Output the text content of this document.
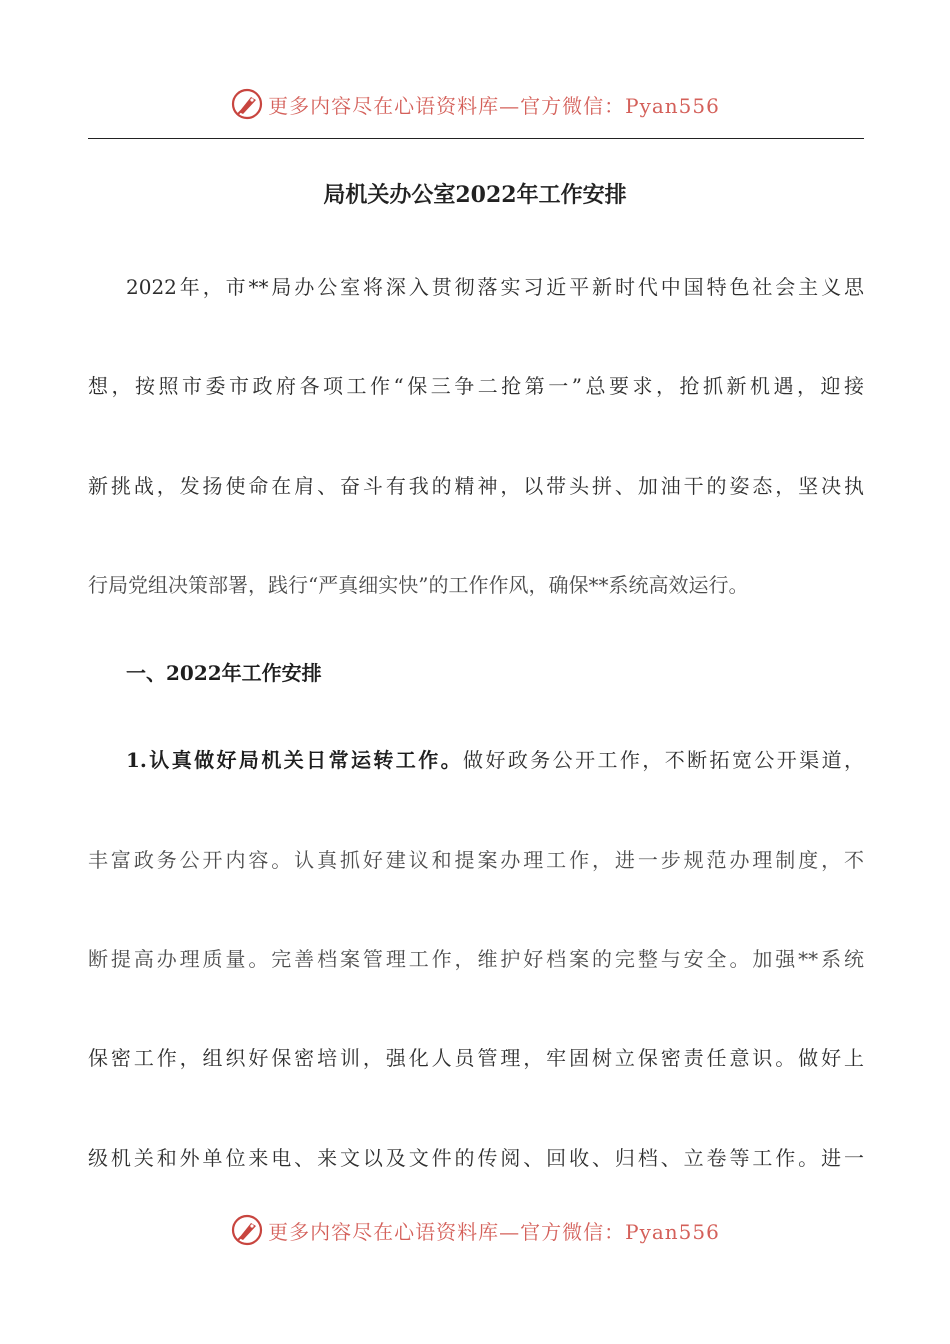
更多内容尽在心语资料库—官方微信：Pyan556
局机关办公室2022年工作安排
2022年，市**局办公室将深入贯彻落实习近平新时代中国特色社会主义思
想，按照市委市政府各项工作“保三争二抢第一”总要求，抢抓新机遇，迎接
新挑战，发扬使命在肩、奋斗有我的精神，以带头拼、加油干的姿态，坚决执
行局党组决策部署，践行“严真细实快”的工作作风，确保**系统高效运行。
一、2022年工作安排
1.认真做好局机关日常运转工作。做好政务公开工作，不断拓宽公开渠道，
丰富政务公开内容。认真抓好建议和提案办理工作，进一步规范办理制度，不
断提高办理质量。完善档案管理工作，维护好档案的完整与安全。加强**系统
保密工作，组织好保密培训，强化人员管理，牢固树立保密责任意识。做好上
级机关和外单位来电、来文以及文件的传阅、回收、归档、立卷等工作。进一
更多内容尽在心语资料库—官方微信：Pyan556
